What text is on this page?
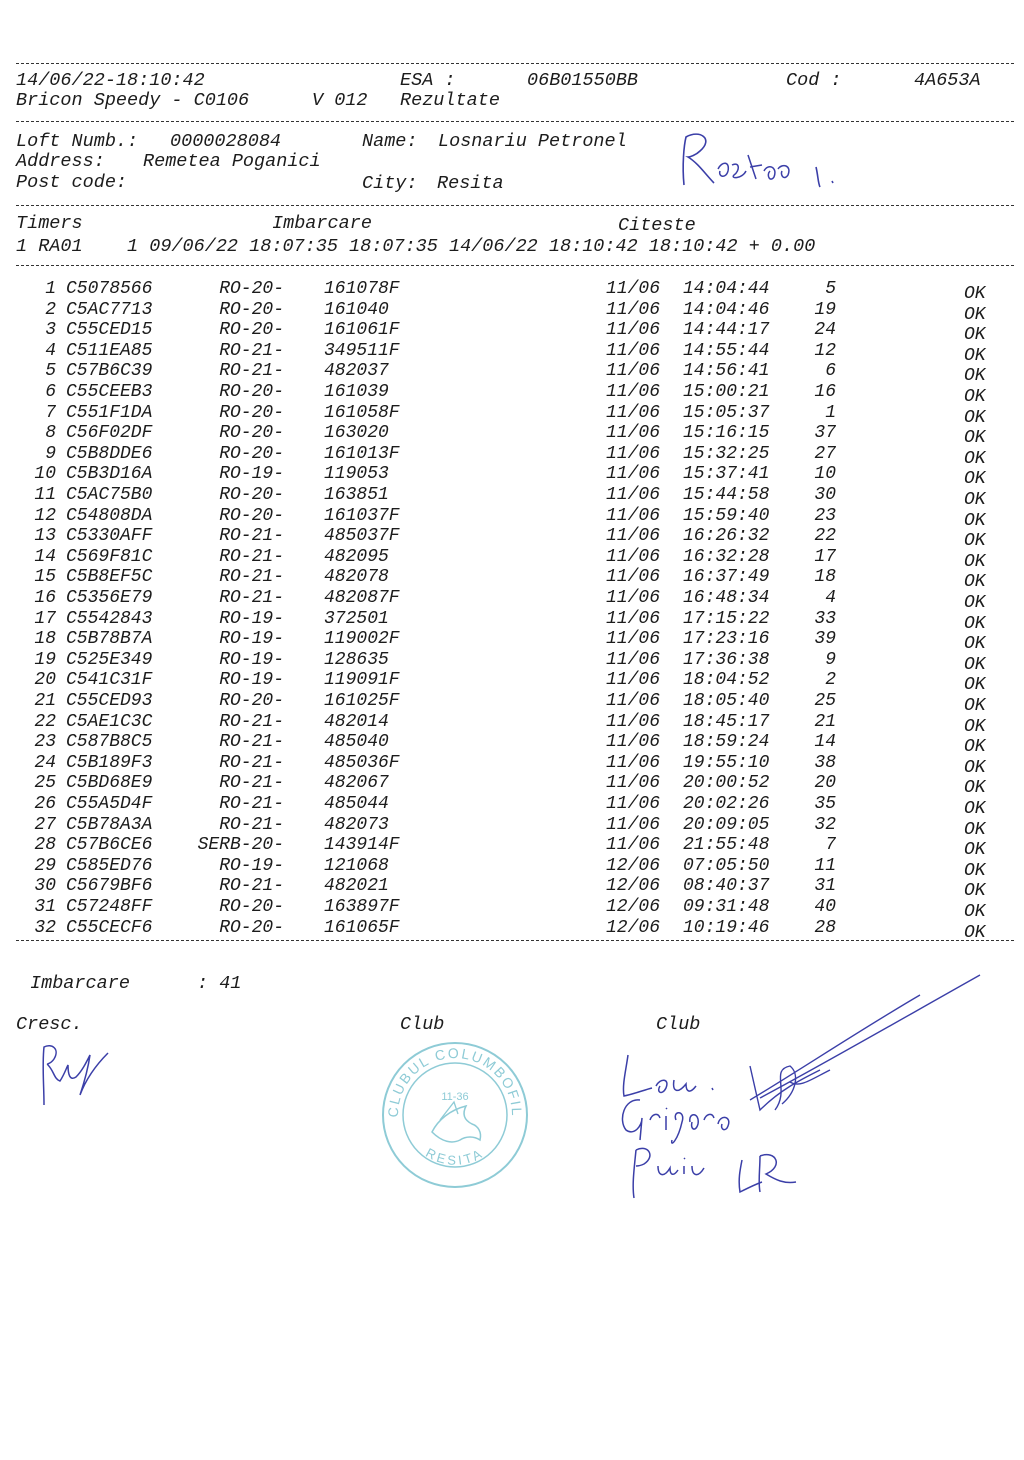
14/06/22-18:10:42	ESA :	06B01550BB	Cod :	4A653A
Bricon Speedy - C0106	V 012 Rezultate
Loft Numb.: 0000028084	Name: Losnariu Petronel
Address: Remetea Poganici
Post code:	City: Resita
Timers	Imbarcare	Citeste
1 RA01    1 09/06/22 18:07:35 18:07:35 14/06/22 18:10:42 18:10:42 + 0.00
1 C5078566	RO-20- 161078F	11/06 14:04:44	5	OK
2 C5AC7713	RO-20- 161040	11/06 14:04:46	19	OK
3 C55CED15	RO-20- 161061F	11/06 14:44:17	24	OK
4 C511EA85	RO-21- 349511F	11/06 14:55:44	12	OK
5 C57B6C39	RO-21- 482037	11/06 14:56:41	6	OK
6 C55CEEB3	RO-20- 161039	11/06 15:00:21	16	OK
7 C551F1DA	RO-20- 161058F	11/06 15:05:37	1	OK
8 C56F02DF	RO-20- 163020	11/06 15:16:15	37	OK
9 C5B8DDE6	RO-20- 161013F	11/06 15:32:25	27	OK
10 C5B3D16A	RO-19- 119053	11/06 15:37:41	10	OK
11 C5AC75B0	RO-20- 163851	11/06 15:44:58	30	OK
12 C54808DA	RO-20- 161037F	11/06 15:59:40	23	OK
13 C5330AFF	RO-21- 485037F	11/06 16:26:32	22	OK
14 C569F81C	RO-21- 482095	11/06 16:32:28	17	OK
15 C5B8EF5C	RO-21- 482078	11/06 16:37:49	18	OK
16 C5356E79	RO-21- 482087F	11/06 16:48:34	4	OK
17 C5542843	RO-19- 372501	11/06 17:15:22	33	OK
18 C5B78B7A	RO-19- 119002F	11/06 17:23:16	39	OK
19 C525E349	RO-19- 128635	11/06 17:36:38	9	OK
20 C541C31F	RO-19- 119091F	11/06 18:04:52	2	OK
21 C55CED93	RO-20- 161025F	11/06 18:05:40	25	OK
22 C5AE1C3C	RO-21- 482014	11/06 18:45:17	21	OK
23 C587B8C5	RO-21- 485040	11/06 18:59:24	14	OK
24 C5B189F3	RO-21- 485036F	11/06 19:55:10	38	OK
25 C5BD68E9	RO-21- 482067	11/06 20:00:52	20	OK
26 C55A5D4F	RO-21- 485044	11/06 20:02:26	35	OK
27 C5B78A3A	RO-21- 482073	11/06 20:09:05	32	OK
28 C57B6CE6	SERB-20- 143914F	11/06 21:55:48	7	OK
29 C585ED76	RO-19- 121068	12/06 07:05:50	11	OK
30 C5679BF6	RO-21- 482021	12/06 08:40:37	31	OK
31 C57248FF	RO-20- 163897F	12/06 09:31:48	40	OK
32 C55CECF6	RO-20- 161065F	12/06 10:19:46	28	OK
Imbarcare	: 41
Cresc.	Club	Club
CLUBUL COLUMBOFIL
RESITA
11-36
